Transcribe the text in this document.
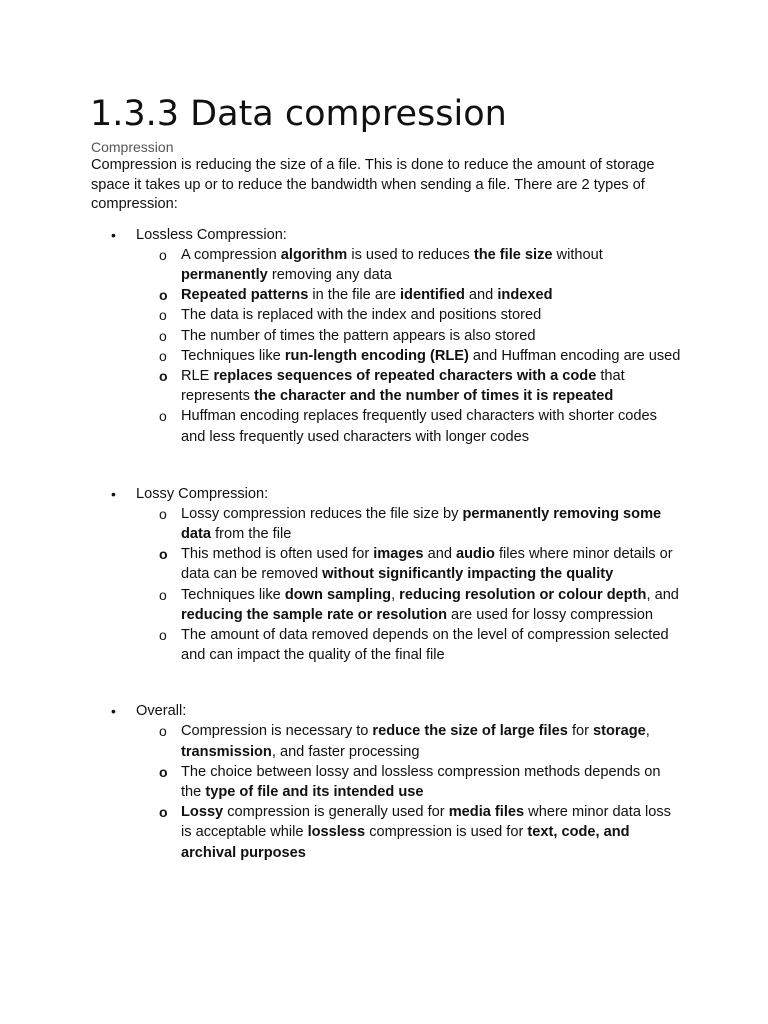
1.3.3 Data compression

Compression

Compression is reducing the size of a file. This is done to reduce the amount of storage space it takes up or to reduce the bandwidth when sending a file. There are 2 types of compression:

• Lossless Compression:
o A compression algorithm is used to reduces the file size without permanently removing any data
o Repeated patterns in the file are identified and indexed
o The data is replaced with the index and positions stored
o The number of times the pattern appears is also stored
o Techniques like run-length encoding (RLE) and Huffman encoding are used
o RLE replaces sequences of repeated characters with a code that represents the character and the number of times it is repeated
o Huffman encoding replaces frequently used characters with shorter codes and less frequently used characters with longer codes
• Lossy Compression:
o Lossy compression reduces the file size by permanently removing some data from the file
o This method is often used for images and audio files where minor details or data can be removed without significantly impacting the quality
o Techniques like down sampling, reducing resolution or colour depth, and reducing the sample rate or resolution are used for lossy compression
o The amount of data removed depends on the level of compression selected and can impact the quality of the final file
• Overall:
o Compression is necessary to reduce the size of large files for storage, transmission, and faster processing
o The choice between lossy and lossless compression methods depends on the type of file and its intended use
o Lossy compression is generally used for media files where minor data loss is acceptable while lossless compression is used for text, code, and archival purposes
